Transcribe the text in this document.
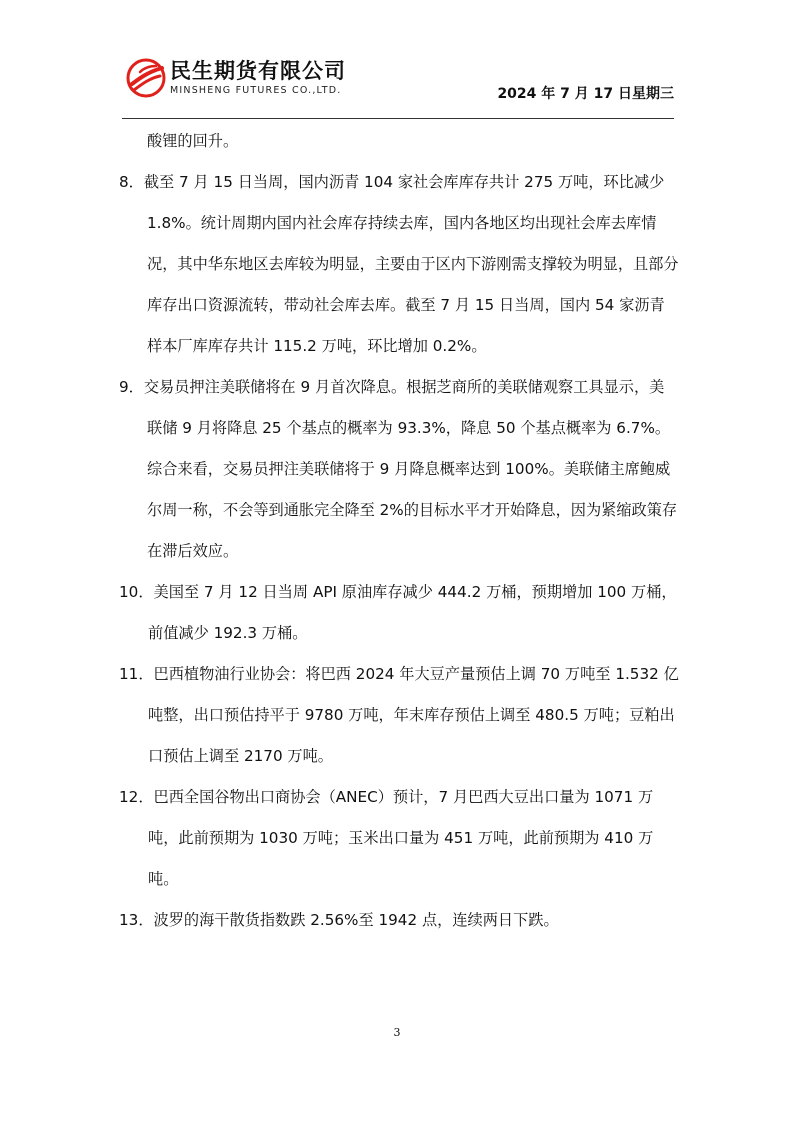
民生期货有限公司
MINSHENG FUTURES CO.,LTD.	2024 年 7 月 17 日星期三
酸锂的回升。
8．截至 7 月 15 日当周，国内沥青 104 家社会库库存共计 275 万吨，环比减少 1.8%。统计周期内国内社会库存持续去库，国内各地区均出现社会库去库情况，其中华东地区去库较为明显，主要由于区内下游刚需支撑较为明显，且部分库存出口资源流转，带动社会库去库。截至 7 月 15 日当周，国内 54 家沥青样本厂库库存共计 115.2 万吨，环比增加 0.2%。
9．交易员押注美联储将在 9 月首次降息。根据芝商所的美联储观察工具显示，美联储 9 月将降息 25 个基点的概率为 93.3%，降息 50 个基点概率为 6.7%。综合来看，交易员押注美联储将于 9 月降息概率达到 100%。美联储主席鲍威尔周一称，不会等到通胀完全降至 2%的目标水平才开始降息，因为紧缩政策存在滞后效应。
10．美国至 7 月 12 日当周 API 原油库存减少 444.2 万桶，预期增加 100 万桶，前值减少 192.3 万桶。
11．巴西植物油行业协会：将巴西 2024 年大豆产量预估上调 70 万吨至 1.532 亿吨整，出口预估持平于 9780 万吨，年末库存预估上调至 480.5 万吨；豆粕出口预估上调至 2170 万吨。
12．巴西全国谷物出口商协会（ANEC）预计，7 月巴西大豆出口量为 1071 万吨，此前预期为 1030 万吨；玉米出口量为 451 万吨，此前预期为 410 万吨。
13．波罗的海干散货指数跌 2.56%至 1942 点，连续两日下跌。
3
